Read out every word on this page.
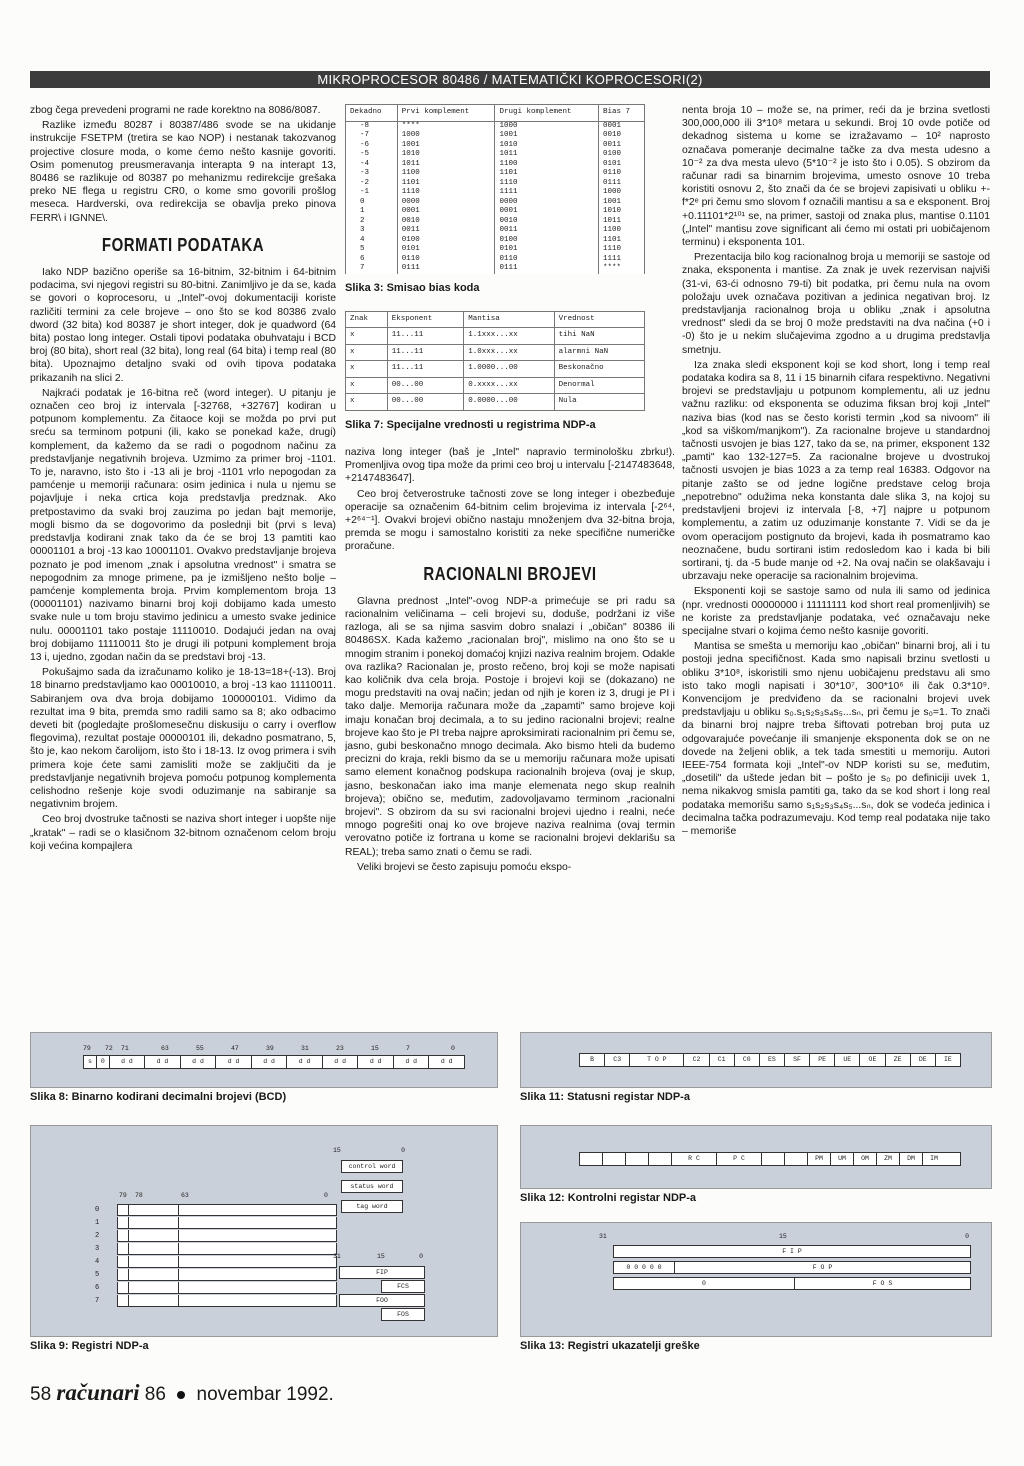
MIKROPROCESOR 80486 / MATEMATIČKI KOPROCESORI(2)

zbog čega prevedeni programi ne rade korektno na 8086/8087.

Razlike između 80287 i 80387/486 svode se na ukidanje instrukcije FSETPM (tretira se kao NOP) i nestanak takozvanog projective closure moda, o kome ćemo nešto kasnije govoriti. Osim pomenutog preusmeravanja interapta 9 na interapt 13, 80486 se razlikuje od 80387 po mehanizmu redirekcije grešaka preko NE flega u registru CR0, o kome smo govorili prošlog meseca. Hardverski, ova redirekcija se obavlja preko pinova FERR\ i IGNNE\.

FORMATI PODATAKA

Iako NDP bazično operiše sa 16-bitnim, 32-bitnim i 64-bitnim podacima, svi njegovi registri su 80-bitni. Zanimljivo je da se, kada se govori o koprocesoru, u „Intel"-ovoj dokumentaciji koriste različiti termini za cele brojeve – ono što se kod 80386 zvalo dword (32 bita) kod 80387 je short integer, dok je quadword (64 bita) postao long integer. Ostali tipovi podataka obuhvataju i BCD broj (80 bita), short real (32 bita), long real (64 bita) i temp real (80 bita). Upoznajmo detaljno svaki od ovih tipova podataka prikazanih na slici 2.

Najkraći podatak je 16-bitna reč (word integer). U pitanju je označen ceo broj iz intervala [-32768, +32767] kodiran u potpunom komplementu. Za čitaoce koji se možda po prvi put sreću sa terminom potpuni (ili, kako se ponekad kaže, drugi) komplement, da kažemo da se radi o pogodnom načinu za predstavljanje negativnih brojeva. Uzmimo za primer broj -1101. To je, naravno, isto što i -13 ali je broj -1101 vrlo nepogodan za pamćenje u memoriji računara: osim jedinica i nula u njemu se pojavljuje i neka crtica koja predstavlja predznak. Ako pretpostavimo da svaki broj zauzima po jedan bajt memorije, mogli bismo da se dogovorimo da poslednji bit (prvi s leva) predstavlja kodirani znak tako da će se broj 13 pamtiti kao 00001101 a broj -13 kao 10001101. Ovakvo predstavljanje brojeva poznato je pod imenom „znak i apsolutna vrednost" i smatra se nepogodnim za mnoge primene, pa je izmišljeno nešto bolje – pamćenje komplementa broja. Prvim komplementom broja 13 (00001101) nazivamo binarni broj koji dobijamo kada umesto svake nule u tom broju stavimo jedinicu a umesto svake jedinice nulu. 00001101 tako postaje 11110010. Dodajući jedan na ovaj broj dobijamo 11110011 što je drugi ili potpuni komplement broja 13 i, ujedno, zgodan način da se predstavi broj -13.

Pokušajmo sada da izračunamo koliko je 18-13=18+(-13). Broj 18 binarno predstavljamo kao 00010010, a broj -13 kao 11110011. Sabiranjem ova dva broja dobijamo 100000101. Vidimo da rezultat ima 9 bita, premda smo radili samo sa 8; ako odbacimo deveti bit (pogledajte prošlomesečnu diskusiju o carry i overflow flegovima), rezultat postaje 00000101 ili, dekadno posmatrano, 5, što je, kao nekom čarolijom, isto što i 18-13. Iz ovog primera i svih primera koje ćete sami zamisliti može se zaključiti da je predstavljanje negativnih brojeva pomoću potpunog komplementa celishodno rešenje koje svodi oduzimanje na sabiranje sa negativnim brojem.

Ceo broj dvostruke tačnosti se naziva short integer i uopšte nije „kratak" – radi se o klasičnom 32-bitnom označenom celom broju koji većina kompajlera

Dekadno	Prvi komplement	Drugi komplement	Bias 7
-8	****	1000	0001
-7	1000	1001	0010
-6	1001	1010	0011
-5	1010	1011	0100
-4	1011	1100	0101
-3	1100	1101	0110
-2	1101	1110	0111
-1	1110	1111	1000
0	0000	0000	1001
1	0001	0001	1010
2	0010	0010	1011
3	0011	0011	1100
4	0100	0100	1101
5	0101	0101	1110
6	0110	0110	1111
7	0111	0111	****
Slika 3: Smisao bias koda
Znak	Eksponent	Mantisa	Vrednost
x	11...11	1.1xxx...xx	tihi NaN
x	11...11	1.0xxx...xx	alarmni NaN
x	11...11	1.0000...00	Beskonačno
x	00...00	0.xxxx...xx	Denormal
x	00...00	0.0000...00	Nula
Slika 7: Specijalne vrednosti u registrima NDP-a

naziva long integer (baš je „Intel" napravio terminološku zbrku!). Promenljiva ovog tipa može da primi ceo broj u intervalu [-2147483648, +2147483647].

Ceo broj četverostruke tačnosti zove se long integer i obezbeđuje operacije sa označenim 64-bitnim celim brojevima iz intervala [-2⁶⁴, +2⁶⁴⁻¹]. Ovakvi brojevi obično nastaju množenjem dva 32-bitna broja, premda se mogu i samostalno koristiti za neke specifične numeričke proračune.

RACIONALNI BROJEVI

Glavna prednost „Intel"-ovog NDP-a primećuje se pri radu sa racionalnim veličinama – celi brojevi su, doduše, podržani iz više razloga, ali se sa njima sasvim dobro snalazi i „običan" 80386 ili 80486SX. Kada kažemo „racionalan broj", mislimo na ono što se u mnogim stranim i ponekoj domaćoj knjizi naziva realnim brojem. Odakle ova razlika? Racionalan je, prosto rečeno, broj koji se može napisati kao količnik dva cela broja. Postoje i brojevi koji se (dokazano) ne mogu predstaviti na ovaj način; jedan od njih je koren iz 3, drugi je PI i tako dalje. Memorija računara može da „zapamti" samo brojeve koji imaju konačan broj decimala, a to su jedino racionalni brojevi; realne brojeve kao što je PI treba najpre aproksimirati racionalnim pri čemu se, jasno, gubi beskonačno mnogo decimala. Ako bismo hteli da budemo precizni do kraja, rekli bismo da se u memoriju računara može upisati samo element konačnog podskupa racionalnih brojeva (ovaj je skup, jasno, beskonačan iako ima manje elemenata nego skup realnih brojeva); obično se, međutim, zadovoljavamo terminom „racionalni brojevi". S obzirom da su svi racionalni brojevi ujedno i realni, neće mnogo pogrešiti onaj ko ove brojeve naziva realnima (ovaj termin verovatno potiče iz fortrana u kome se racionalni brojevi deklarišu sa REAL); treba samo znati o čemu se radi.

Veliki brojevi se često zapisuju pomoću ekspo-

nenta broja 10 – može se, na primer, reći da je brzina svetlosti 300,000,000 ili 3*10⁸ metara u sekundi. Broj 10 ovde potiče od dekadnog sistema u kome se izražavamo – 10² naprosto označava pomeranje decimalne tačke za dva mesta udesno a 10⁻² za dva mesta ulevo (5*10⁻² je isto što i 0.05). S obzirom da računar radi sa binarnim brojevima, umesto osnove 10 treba koristiti osnovu 2, što znači da će se brojevi zapisivati u obliku +-f*2ᵉ pri čemu smo slovom f označili mantisu a sa e eksponent. Broj +0.11101*2¹⁰¹ se, na primer, sastoji od znaka plus, mantise 0.1101 („Intel" mantisu zove significant ali ćemo mi ostati pri uobičajenom terminu) i eksponenta 101.

Prezentacija bilo kog racionalnog broja u memoriji se sastoje od znaka, eksponenta i mantise. Za znak je uvek rezervisan najviši (31-vi, 63-ći odnosno 79-ti) bit podatka, pri čemu nula na ovom položaju uvek označava pozitivan a jedinica negativan broj. Iz predstavljanja racionalnog broja u obliku „znak i apsolutna vrednost" sledi da se broj 0 može predstaviti na dva načina (+0 i -0) što je u nekim slučajevima zgodno a u drugima predstavlja smetnju.

Iza znaka sledi eksponent koji se kod short, long i temp real podataka kodira sa 8, 11 i 15 binarnih cifara respektivno. Negativni brojevi se predstavljaju u potpunom komplementu, ali uz jednu važnu razliku: od eksponenta se oduzima fiksan broj koji „Intel" naziva bias (kod nas se često koristi termin „kod sa nivoom" ili „kod sa viškom/manjkom"). Za racionalne brojeve u standardnoj tačnosti usvojen je bias 127, tako da se, na primer, eksponent 132 „pamti" kao 132-127=5. Za racionalne brojeve u dvostrukoj tačnosti usvojen je bias 1023 a za temp real 16383. Odgovor na pitanje zašto se od jedne logične predstave celog broja „nepotrebno" odužima neka konstanta dale slika 3, na kojoj su predstavljeni brojevi iz intervala [-8, +7] najpre u potpunom komplementu, a zatim uz oduzimanje konstante 7. Vidi se da je ovom operacijom postignuto da brojevi, kada ih posmatramo kao neoznačene, budu sortirani istim redosledom kao i kada bi bili sortirani, tj. da -5 bude manje od +2. Na ovaj način se olakšavaju i ubrzavaju neke operacije sa racionalnim brojevima.

Eksponenti koji se sastoje samo od nula ili samo od jedinica (npr. vrednosti 00000000 i 11111111 kod short real promenljivih) se ne koriste za predstavljanje podataka, već označavaju neke specijalne stvari o kojima ćemo nešto kasnije govoriti.

Mantisa se smešta u memoriju kao „običan" binarni broj, ali i tu postoji jedna specifičnost. Kada smo napisali brzinu svetlosti u obliku 3*10⁸, iskoristili smo njenu uobičajenu predstavu ali smo isto tako mogli napisati i 30*10⁷, 300*10⁶ ili čak 0.3*10⁹. Konvencijom je predviđeno da se racionalni brojevi uvek predstavljaju u obliku s₀.s₁s₂s₃s₄s₅...sₙ, pri čemu je s₀=1. To znači da binarni broj najpre treba šiftovati potreban broj puta uz odgovarajuće povećanje ili smanjenje eksponenta dok se on ne dovede na željeni oblik, a tek tada smestiti u memoriju. Autori IEEE-754 formata koji „Intel"-ov NDP koristi su se, međutim, „dosetili" da uštede jedan bit – pošto je s₀ po definiciji uvek 1, nema nikakvog smisla pamtiti ga, tako da se kod short i long real podataka memorišu samo s₁s₂s₃s₄s₅...sₙ, dok se vodeća jedinica i decimalna tačka podrazumevaju. Kod temp real podataka nije tako – memoriše

79 72 71	63	55	47	39	31	23	15	7	0
s	0	d d	d d	d d	d d	d d	d d	d d	d d	d d	d d
Slika 8: Binarno kodirani decimalni brojevi (BCD)
B	C3	T O P	C2	C1	C0	ES	SF	PE	UE	OE	ZE	DE	IE
Slika 11: Statusni registar NDP-a
15	0
control word
status word
tag word
79 78	63	0
0
1
2
3
4
5
6
7
31	15	0
FIP
FCS
FOO
FOS
Slika 9: Registri NDP-a
R C	P C	PM	UM	OM	ZM	DM	IM
Slika 12: Kontrolni registar NDP-a
31	15	0
F I P
0 0 0 0 0	F O P
0	F O S
Slika 13: Registri ukazatelji greške
58 računari 86 novembar 1992.
